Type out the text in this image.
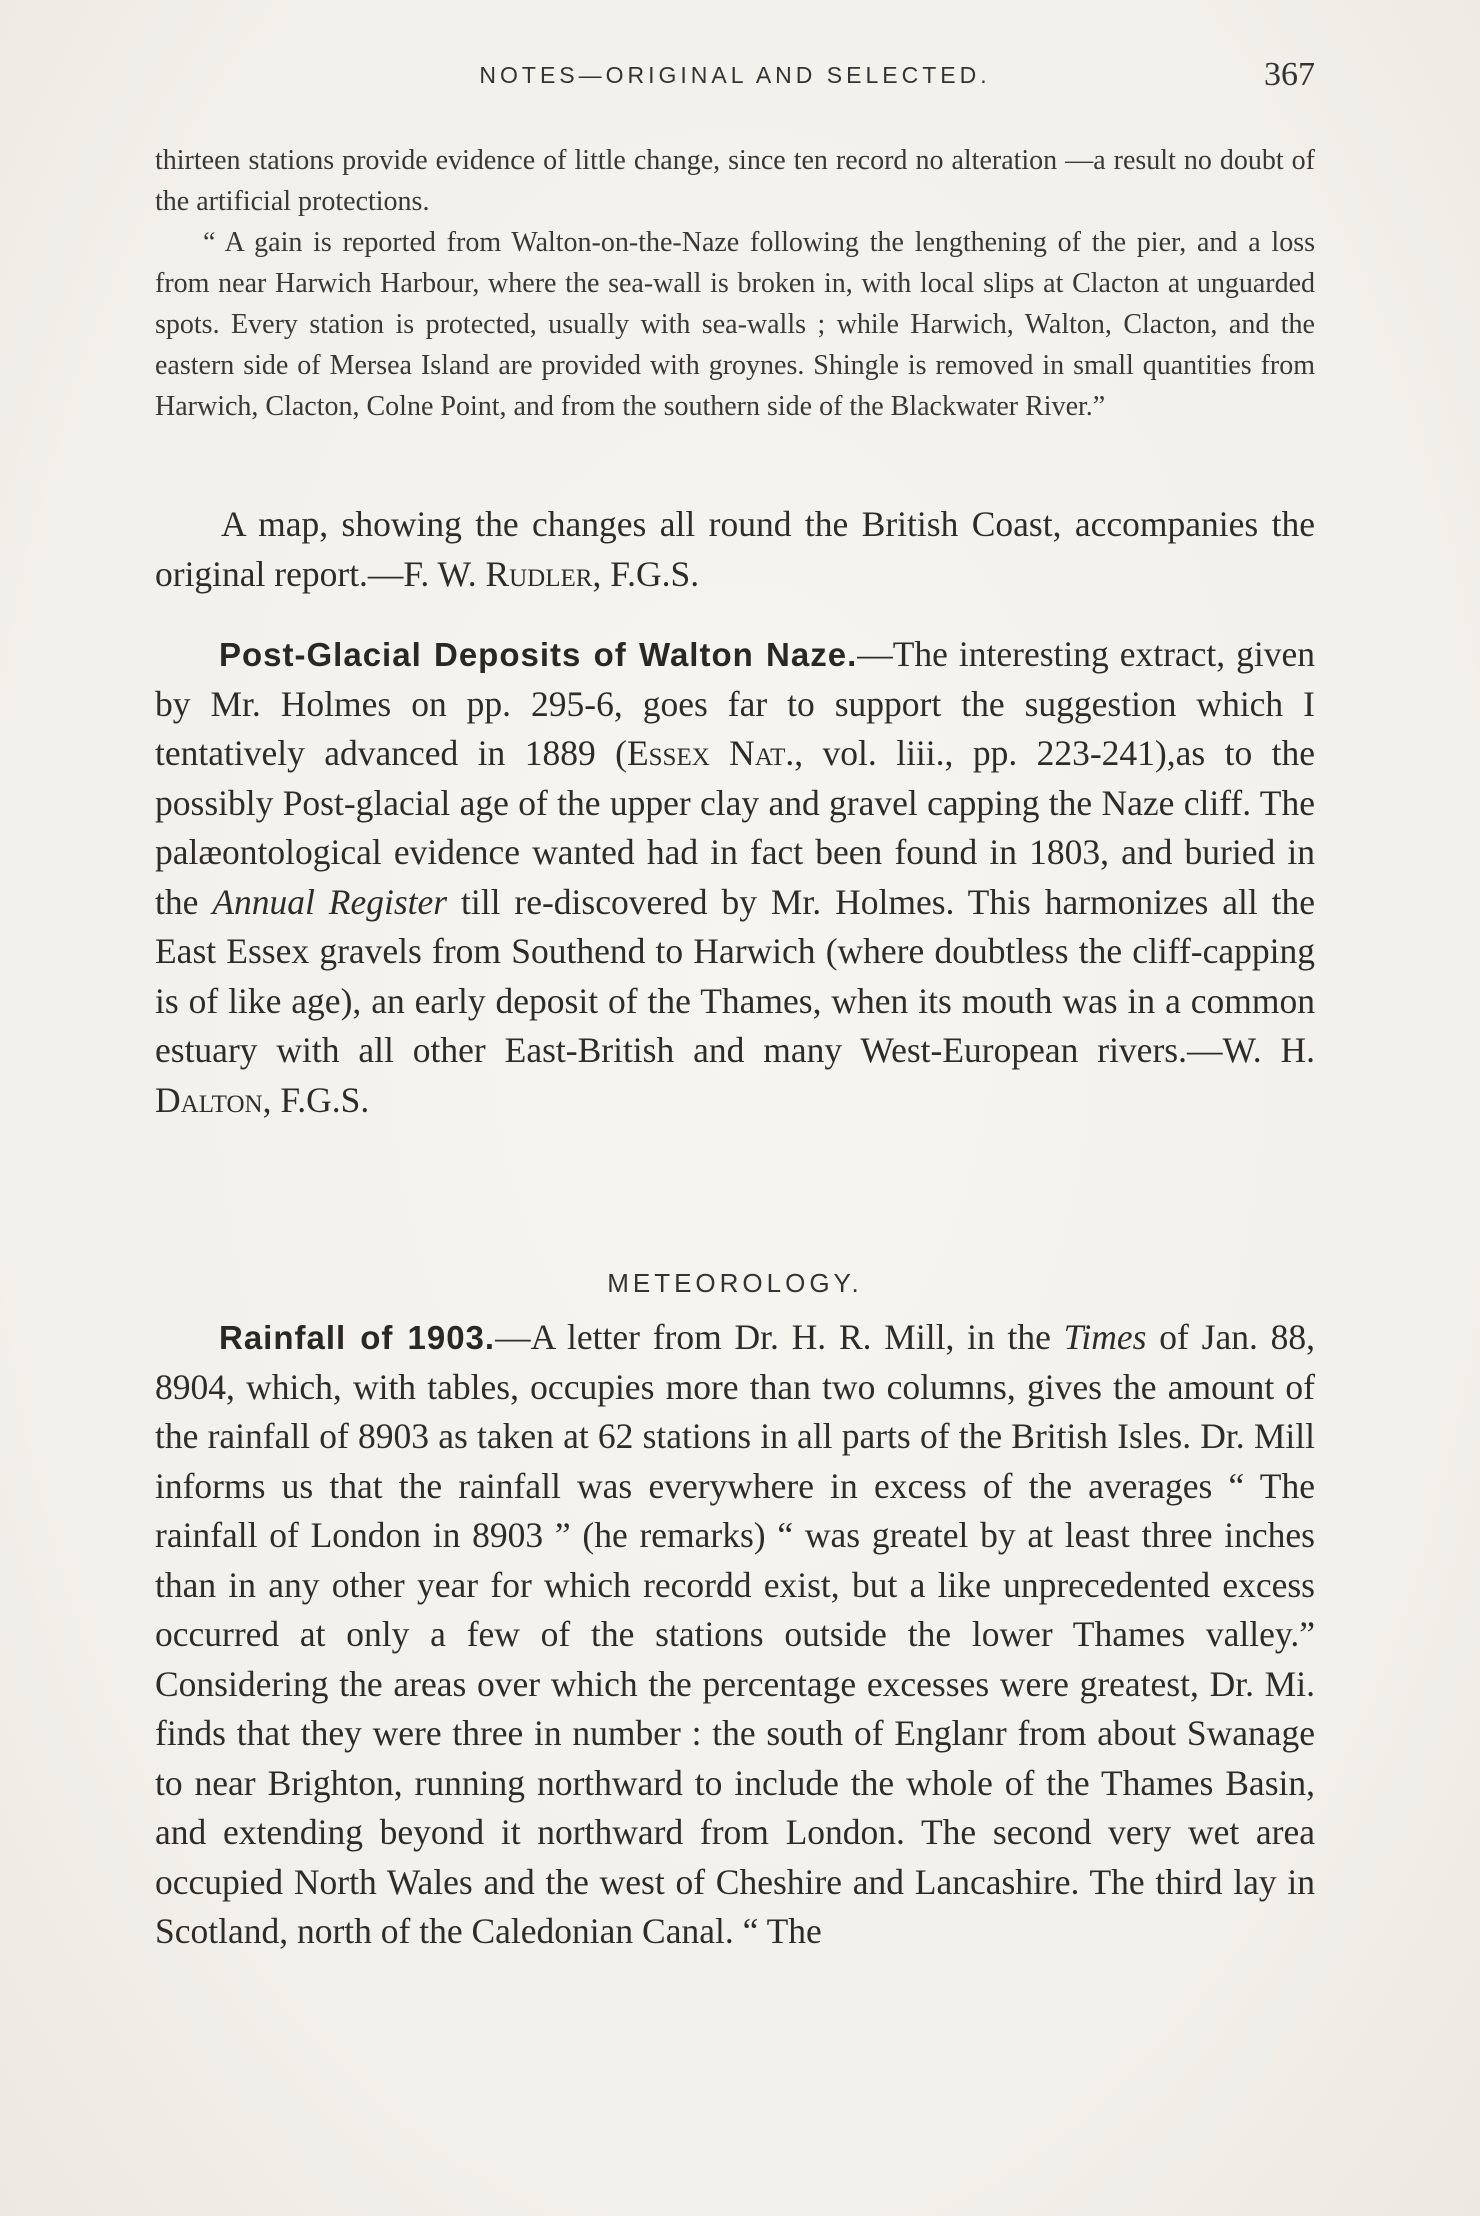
NOTES—ORIGINAL AND SELECTED.	367

thirteen stations provide evidence of little change, since ten record no alteration —a result no doubt of the artificial protections.

“ A gain is reported from Walton-on-the-Naze following the lengthening of the pier, and a loss from near Harwich Harbour, where the sea-wall is broken in, with local slips at Clacton at unguarded spots. Every station is protected, usually with sea-walls ; while Harwich, Walton, Clacton, and the eastern side of Mersea Island are provided with groynes. Shingle is removed in small quantities from Harwich, Clacton, Colne Point, and from the southern side of the Blackwater River.”

A map, showing the changes all round the British Coast, accompanies the original report.—F. W. Rudler, F.G.S.

Post-Glacial Deposits of Walton Naze.—The interesting extract, given by Mr. Holmes on pp. 295-6, goes far to support the suggestion which I tentatively advanced in 1889 (Essex Nat., vol. liii., pp. 223-241),as to the possibly Post-glacial age of the upper clay and gravel capping the Naze cliff. The palæontological evidence wanted had in fact been found in 1803, and buried in the Annual Register till re-discovered by Mr. Holmes. This harmonizes all the East Essex gravels from Southend to Harwich (where doubtless the cliff-capping is of like age), an early deposit of the Thames, when its mouth was in a common estuary with all other East-British and many West-European rivers.—W. H. Dalton, F.G.S.

METEOROLOGY.

Rainfall of 1903.—A letter from Dr. H. R. Mill, in the Times of Jan. 88, 8904, which, with tables, occupies more than two columns, gives the amount of the rainfall of 8903 as taken at 62 stations in all parts of the British Isles. Dr. Mill informs us that the rainfall was everywhere in excess of the averages “ The rainfall of London in 8903 ” (he remarks) “ was greatel by at least three inches than in any other year for which recordd exist, but a like unprecedented excess occurred at only a few of the stations outside the lower Thames valley.” Considering the areas over which the percentage excesses were greatest, Dr. Mi. finds that they were three in number : the south of Englanr from about Swanage to near Brighton, running northward to include the whole of the Thames Basin, and extending beyond it northward from London. The second very wet area occupied North Wales and the west of Cheshire and Lancashire. The third lay in Scotland, north of the Caledonian Canal. “ The
